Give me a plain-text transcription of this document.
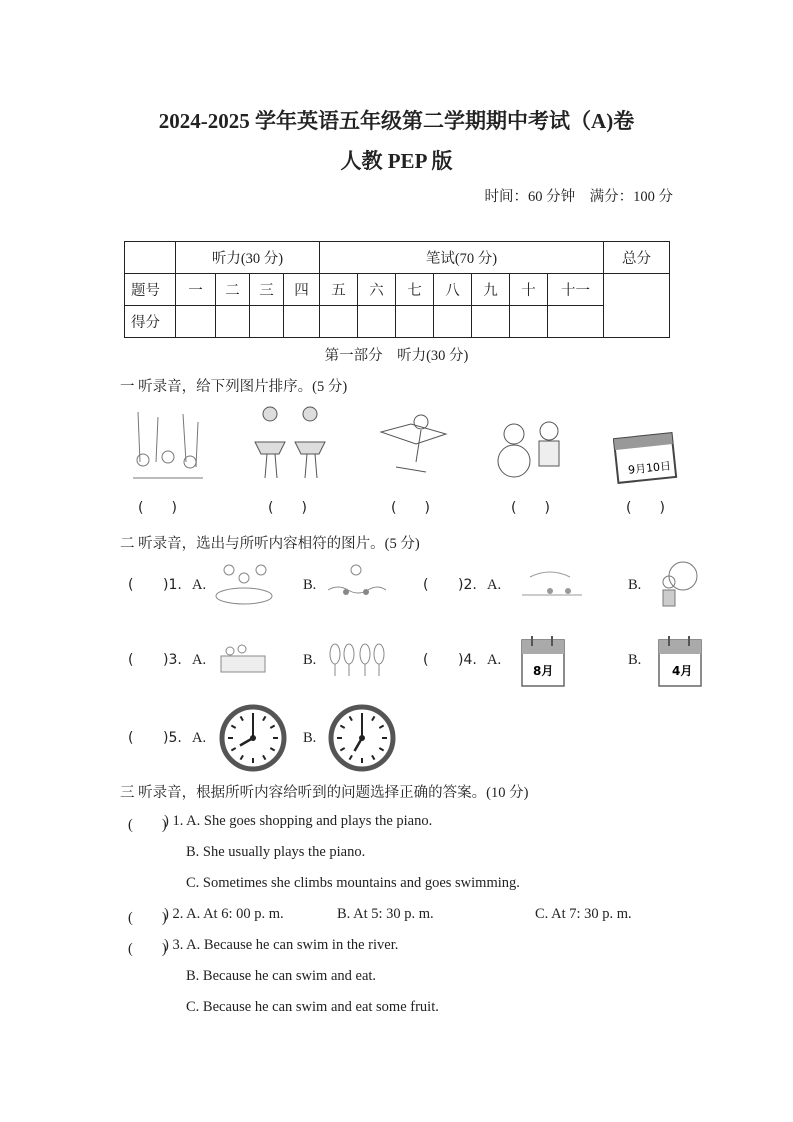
2024-2025 学年英语五年级第二学期期中考试（A)卷
人教 PEP 版
时间：60 分钟　满分：100 分
	听力(30 分)				笔试(70 分)							总分
题号	一	二	三	四	五	六	七	八	九	十	十一	
得分												
第一部分　听力(30 分)
一 听录音，给下列图片排序。(5 分)
9月10日
(　　)	(　　)	(　　)	(　　)	(　　)
二 听录音，选出与所听内容相符的图片。(5 分)
( )1. A.	B.	( )2. A.	B.
( )3. A.	B.	( )4. A.
8月
B.
4月
( )5. A.	B.
三 听录音，根据所听内容给听到的问题选择正确的答案。(10 分)
(　　)
) 1. A. She goes shopping and plays the piano.
B. She usually plays the piano.
C. Sometimes she climbs mountains and goes swimming.
(　　)
) 2. A. At 6: 00 p. m.	B. At 5: 30 p. m.	C. At 7: 30 p. m.
(　　)
) 3. A. Because he can swim in the river.
B. Because he can swim and eat.
C. Because he can swim and eat some fruit.
